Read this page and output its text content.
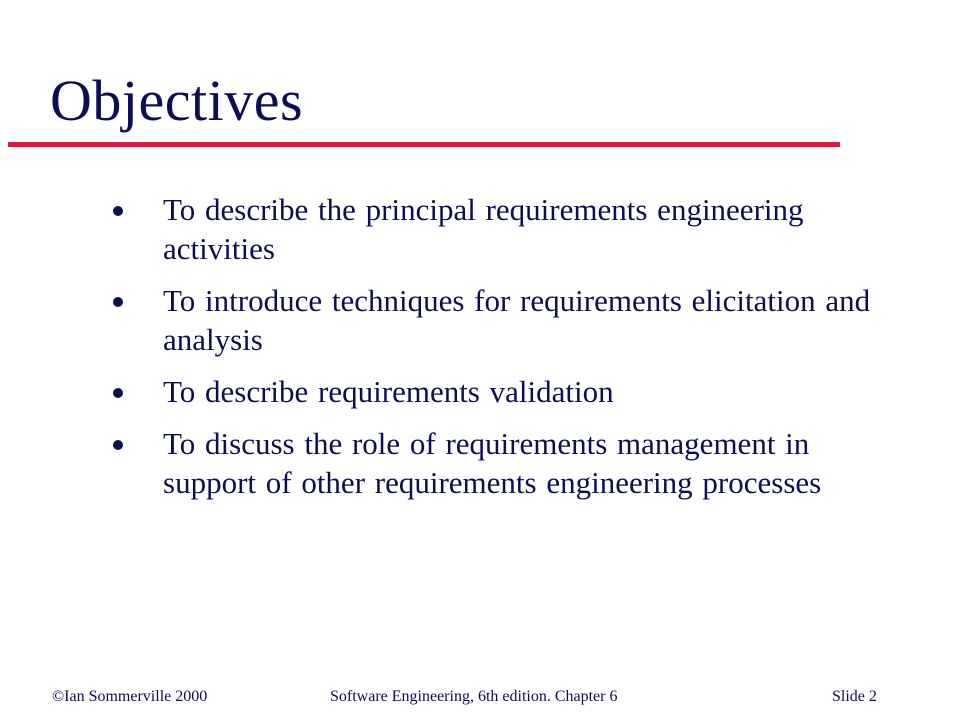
Objectives
To describe the principal requirements engineering activities
To introduce techniques for requirements elicitation and analysis
To describe requirements validation
To discuss the role of requirements management in support of other requirements engineering processes
©Ian Sommerville 2000	Software Engineering, 6th edition. Chapter 6	Slide 2
